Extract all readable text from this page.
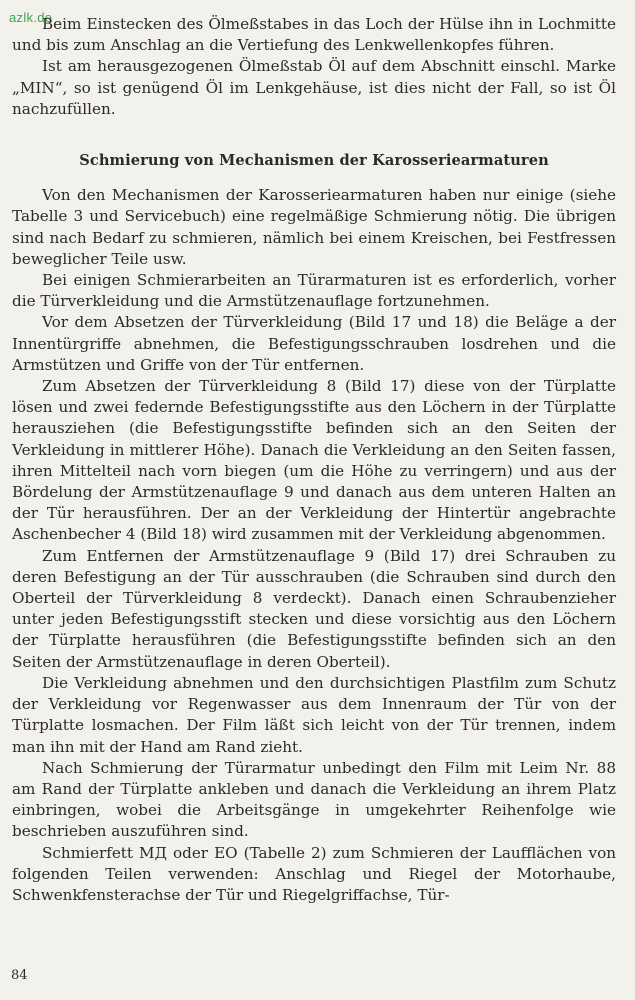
azlk.de

Beim Einstecken des Ölmeßstabes in das Loch der Hülse ihn in Lochmitte und bis zum Anschlag an die Vertiefung des Lenkwellenkopfes führen.

Ist am herausgezogenen Ölmeßstab Öl auf dem Abschnitt einschl. Marke „MIN“, so ist genügend Öl im Lenkgehäuse, ist dies nicht der Fall, so ist Öl nachzufüllen.

Schmierung von Mechanismen der Karosseriearmaturen

Von den Mechanismen der Karosseriearmaturen haben nur einige (siehe Tabelle 3 und Servicebuch) eine regelmäßige Schmierung nötig. Die übrigen sind nach Bedarf zu schmieren, nämlich bei einem Kreischen, bei Festfressen beweglicher Teile usw.

Bei einigen Schmierarbeiten an Türarmaturen ist es erforderlich, vorher die Türverkleidung und die Armstützenauflage fortzunehmen.

Vor dem Absetzen der Türverkleidung (Bild 17 und 18) die Beläge a der Innentürgriffe abnehmen, die Befestigungsschrauben losdrehen und die Armstützen und Griffe von der Tür entfernen.

Zum Absetzen der Türverkleidung 8 (Bild 17) diese von der Türplatte lösen und zwei federnde Befestigungsstifte aus den Löchern in der Türplatte herausziehen (die Befestigungsstifte befinden sich an den Seiten der Verkleidung in mittlerer Höhe). Danach die Verkleidung an den Seiten fassen, ihren Mittelteil nach vorn biegen (um die Höhe zu verringern) und aus der Bördelung der Armstützenauflage 9 und danach aus dem unteren Halten an der Tür herausführen. Der an der Verkleidung der Hintertür angebrachte Aschenbecher 4 (Bild 18) wird zusammen mit der Verkleidung abgenommen.

Zum Entfernen der Armstützenauflage 9 (Bild 17) drei Schrauben zu deren Befestigung an der Tür ausschrauben (die Schrauben sind durch den Oberteil der Türverkleidung 8 verdeckt). Danach einen Schraubenzieher unter jeden Befestigungsstift stecken und diese vorsichtig aus den Löchern der Türplatte herausführen (die Befestigungsstifte befinden sich an den Seiten der Armstützenauflage in deren Oberteil).

Die Verkleidung abnehmen und den durchsichtigen Plastfilm zum Schutz der Verkleidung vor Regenwasser aus dem Innenraum der Tür von der Türplatte losmachen. Der Film läßt sich leicht von der Tür trennen, indem man ihn mit der Hand am Rand zieht.

Nach Schmierung der Türarmatur unbedingt den Film mit Leim Nr. 88 am Rand der Türplatte ankleben und danach die Verkleidung an ihrem Platz einbringen, wobei die Arbeitsgänge in umgekehrter Reihenfolge wie beschrieben auszuführen sind.

Schmierfett МД oder EO (Tabelle 2) zum Schmieren der Laufflächen von folgenden Teilen verwenden: Anschlag und Riegel der Motorhaube, Schwenkfensterachse der Tür und Riegelgriffachse, Tür-

84
